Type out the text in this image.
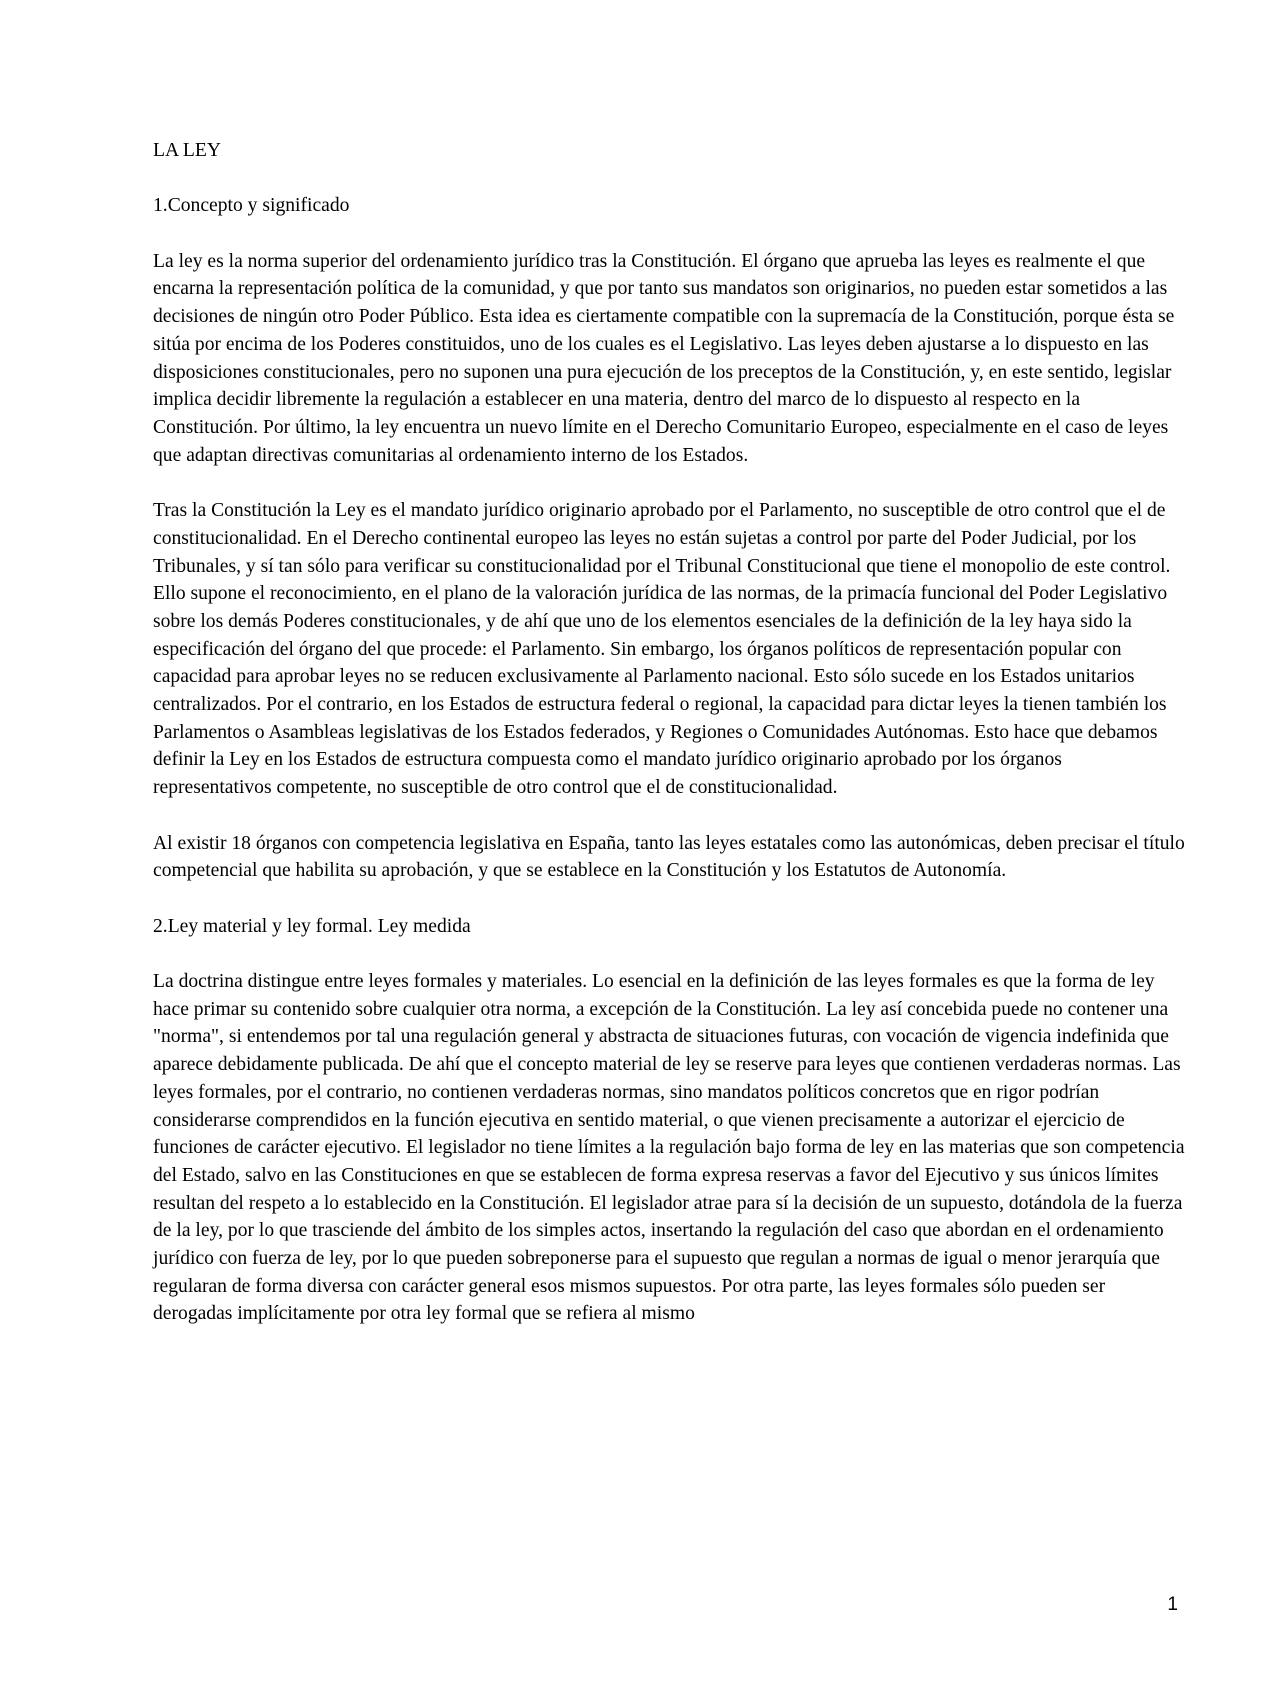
LA LEY

1.Concepto y significado

La ley es la norma superior del ordenamiento jurídico tras la Constitución. El órgano que aprueba las leyes es realmente el que encarna la representación política de la comunidad, y que por tanto sus mandatos son originarios, no pueden estar sometidos a las decisiones de ningún otro Poder Público. Esta idea es ciertamente compatible con la supremacía de la Constitución, porque ésta se sitúa por encima de los Poderes constituidos, uno de los cuales es el Legislativo. Las leyes deben ajustarse a lo dispuesto en las disposiciones constitucionales, pero no suponen una pura ejecución de los preceptos de la Constitución, y, en este sentido, legislar implica decidir libremente la regulación a establecer en una materia, dentro del marco de lo dispuesto al respecto en la Constitución. Por último, la ley encuentra un nuevo límite en el Derecho Comunitario Europeo, especialmente en el caso de leyes que adaptan directivas comunitarias al ordenamiento interno de los Estados.

Tras la Constitución la Ley es el mandato jurídico originario aprobado por el Parlamento, no susceptible de otro control que el de constitucionalidad. En el Derecho continental europeo las leyes no están sujetas a control por parte del Poder Judicial, por los Tribunales, y sí tan sólo para verificar su constitucionalidad por el Tribunal Constitucional que tiene el monopolio de este control. Ello supone el reconocimiento, en el plano de la valoración jurídica de las normas, de la primacía funcional del Poder Legislativo sobre los demás Poderes constitucionales, y de ahí que uno de los elementos esenciales de la definición de la ley haya sido la especificación del órgano del que procede: el Parlamento. Sin embargo, los órganos políticos de representación popular con capacidad para aprobar leyes no se reducen exclusivamente al Parlamento nacional. Esto sólo sucede en los Estados unitarios centralizados. Por el contrario, en los Estados de estructura federal o regional, la capacidad para dictar leyes la tienen también los Parlamentos o Asambleas legislativas de los Estados federados, y Regiones o Comunidades Autónomas. Esto hace que debamos definir la Ley en los Estados de estructura compuesta como el mandato jurídico originario aprobado por los órganos representativos competente, no susceptible de otro control que el de constitucionalidad.

Al existir 18 órganos con competencia legislativa en España, tanto las leyes estatales como las autonómicas, deben precisar el título competencial que habilita su aprobación, y que se establece en la Constitución y los Estatutos de Autonomía.

2.Ley material y ley formal. Ley medida

La doctrina distingue entre leyes formales y materiales. Lo esencial en la definición de las leyes formales es que la forma de ley hace primar su contenido sobre cualquier otra norma, a excepción de la Constitución. La ley así concebida puede no contener una "norma", si entendemos por tal una regulación general y abstracta de situaciones futuras, con vocación de vigencia indefinida que aparece debidamente publicada. De ahí que el concepto material de ley se reserve para leyes que contienen verdaderas normas. Las leyes formales, por el contrario, no contienen verdaderas normas, sino mandatos políticos concretos que en rigor podrían considerarse comprendidos en la función ejecutiva en sentido material, o que vienen precisamente a autorizar el ejercicio de funciones de carácter ejecutivo. El legislador no tiene límites a la regulación bajo forma de ley en las materias que son competencia del Estado, salvo en las Constituciones en que se establecen de forma expresa reservas a favor del Ejecutivo y sus únicos límites resultan del respeto a lo establecido en la Constitución. El legislador atrae para sí la decisión de un supuesto, dotándola de la fuerza de la ley, por lo que trasciende del ámbito de los simples actos, insertando la regulación del caso que abordan en el ordenamiento jurídico con fuerza de ley, por lo que pueden sobreponerse para el supuesto que regulan a normas de igual o menor jerarquía que regularan de forma diversa con carácter general esos mismos supuestos. Por otra parte, las leyes formales sólo pueden ser derogadas implícitamente por otra ley formal que se refiera al mismo

1
